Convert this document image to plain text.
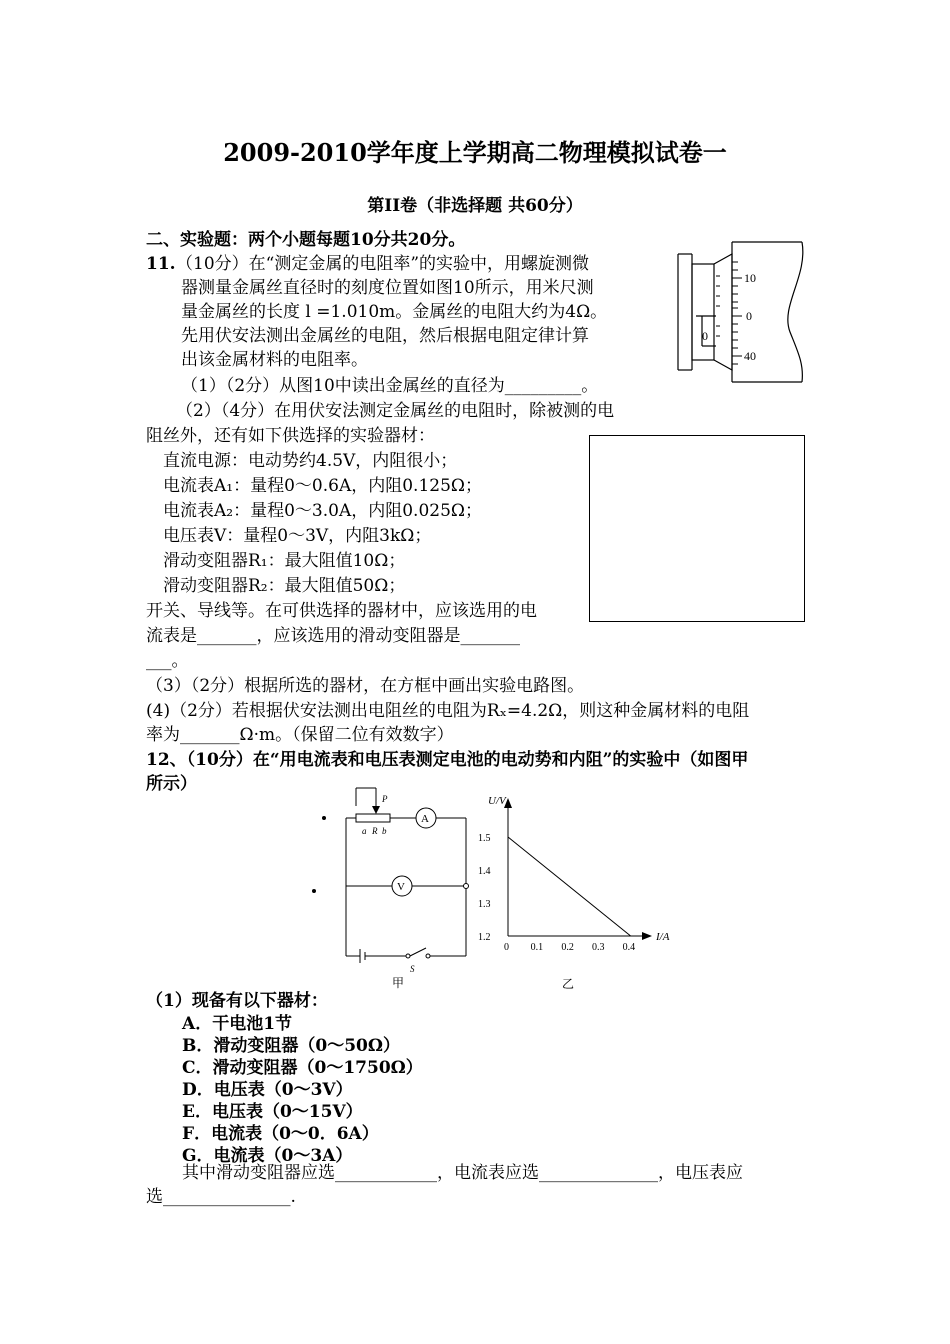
2009-2010学年度上学期高二物理模拟试卷一
第II卷（非选择题 共60分）
二、实验题：两个小题每题10分共20分。
11. （10分）在“测定金属的电阻率”的实验中，用螺旋测微
器测量金属丝直径时的刻度位置如图10所示，用米尺测
量金属丝的长度 l =1.010m。金属丝的电阻大约为4Ω。
先用伏安法测出金属丝的电阻，然后根据电阻定律计算
出该金属材料的电阻率。
（1）（2分）从图10中读出金属丝的直径为_________。
（2）（4分）在用伏安法测定金属丝的电阻时，除被测的电
阻丝外，还有如下供选择的实验器材：
直流电源：电动势约4.5V，内阻很小；
电流表A₁：量程0～0.6A，内阻0.125Ω；
电流表A₂：量程0～3.0A，内阻0.025Ω；
电压表V：量程0～3V，内阻3kΩ；
滑动变阻器R₁：最大阻值10Ω；
滑动变阻器R₂：最大阻值50Ω；
开关、导线等。在可供选择的器材中，应该选用的电
流表是_______，应该选用的滑动变阻器是_______
___。
（3）（2分）根据所选的器材，在方框中画出实验电路图。
(4)（2分）若根据伏安法测出电阻丝的电阻为Rₓ=4.2Ω，则这种金属材料的电阻
率为_______Ω·m。（保留二位有效数字）
10
0
40
0
12、（10分）在“用电流表和电压表测定电池的电动势和内阻”的实验中（如图甲
所示）
P
a R b
A
V
S
甲
U/V
I/A
乙
0 0.1 0.2 0.3 0.4
1.2
1.3
1.4
1.5
（1）现备有以下器材：
A．干电池1节
B．滑动变阻器（0～50Ω）
C．滑动变阻器（0～1750Ω）
D．电压表（0～3V）
E．电压表（0～15V）
F．电流表（0～0．6A）
G．电流表（0～3A）
其中滑动变阻器应选____________，电流表应选______________，电压表应
选_______________.
